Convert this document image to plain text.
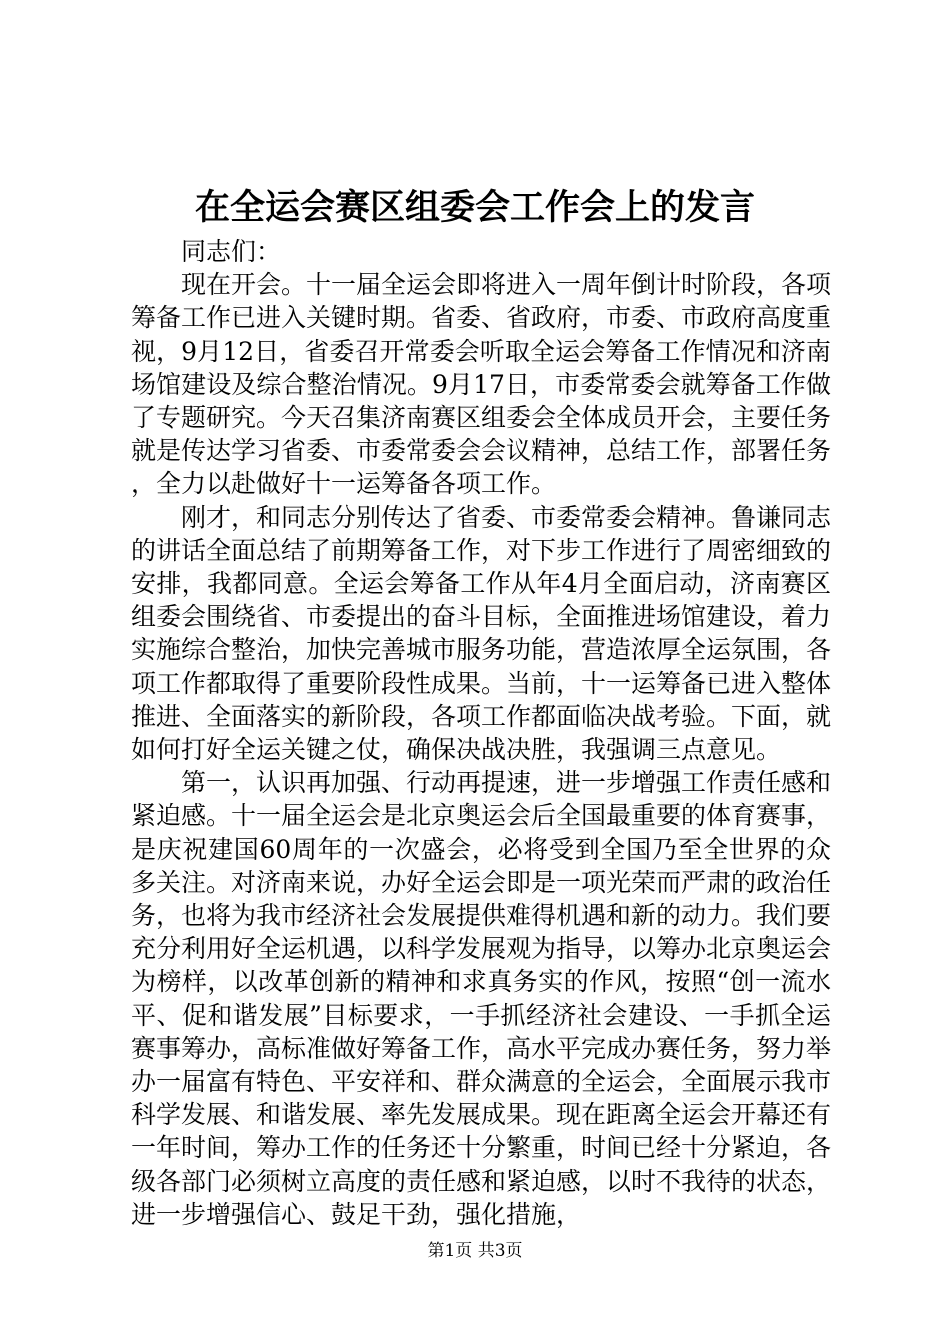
在全运会赛区组委会工作会上的发言

同志们：

现在开会。十一届全运会即将进入一周年倒计时阶段，各项筹备工作已进入关键时期。省委、省政府，市委、市政府高度重视，9月12日，省委召开常委会听取全运会筹备工作情况和济南场馆建设及综合整治情况。9月17日，市委常委会就筹备工作做了专题研究。今天召集济南赛区组委会全体成员开会，主要任务就是传达学习省委、市委常委会会议精神，总结工作，部署任务，全力以赴做好十一运筹备各项工作。

刚才，和同志分别传达了省委、市委常委会精神。鲁谦同志的讲话全面总结了前期筹备工作，对下步工作进行了周密细致的安排，我都同意。全运会筹备工作从年4月全面启动，济南赛区组委会围绕省、市委提出的奋斗目标，全面推进场馆建设，着力实施综合整治，加快完善城市服务功能，营造浓厚全运氛围，各项工作都取得了重要阶段性成果。当前，十一运筹备已进入整体推进、全面落实的新阶段，各项工作都面临决战考验。下面，就如何打好全运关键之仗，确保决战决胜，我强调三点意见。

第一，认识再加强、行动再提速，进一步增强工作责任感和紧迫感。十一届全运会是北京奥运会后全国最重要的体育赛事，是庆祝建国60周年的一次盛会，必将受到全国乃至全世界的众多关注。对济南来说，办好全运会即是一项光荣而严肃的政治任务，也将为我市经济社会发展提供难得机遇和新的动力。我们要充分利用好全运机遇，以科学发展观为指导，以筹办北京奥运会为榜样，以改革创新的精神和求真务实的作风，按照“创一流水平、促和谐发展”目标要求，一手抓经济社会建设、一手抓全运赛事筹办，高标准做好筹备工作，高水平完成办赛任务，努力举办一届富有特色、平安祥和、群众满意的全运会，全面展示我市科学发展、和谐发展、率先发展成果。现在距离全运会开幕还有一年时间，筹办工作的任务还十分繁重，时间已经十分紧迫，各级各部门必须树立高度的责任感和紧迫感，以时不我待的状态，进一步增强信心、鼓足干劲，强化措施，

第1页 共3页
